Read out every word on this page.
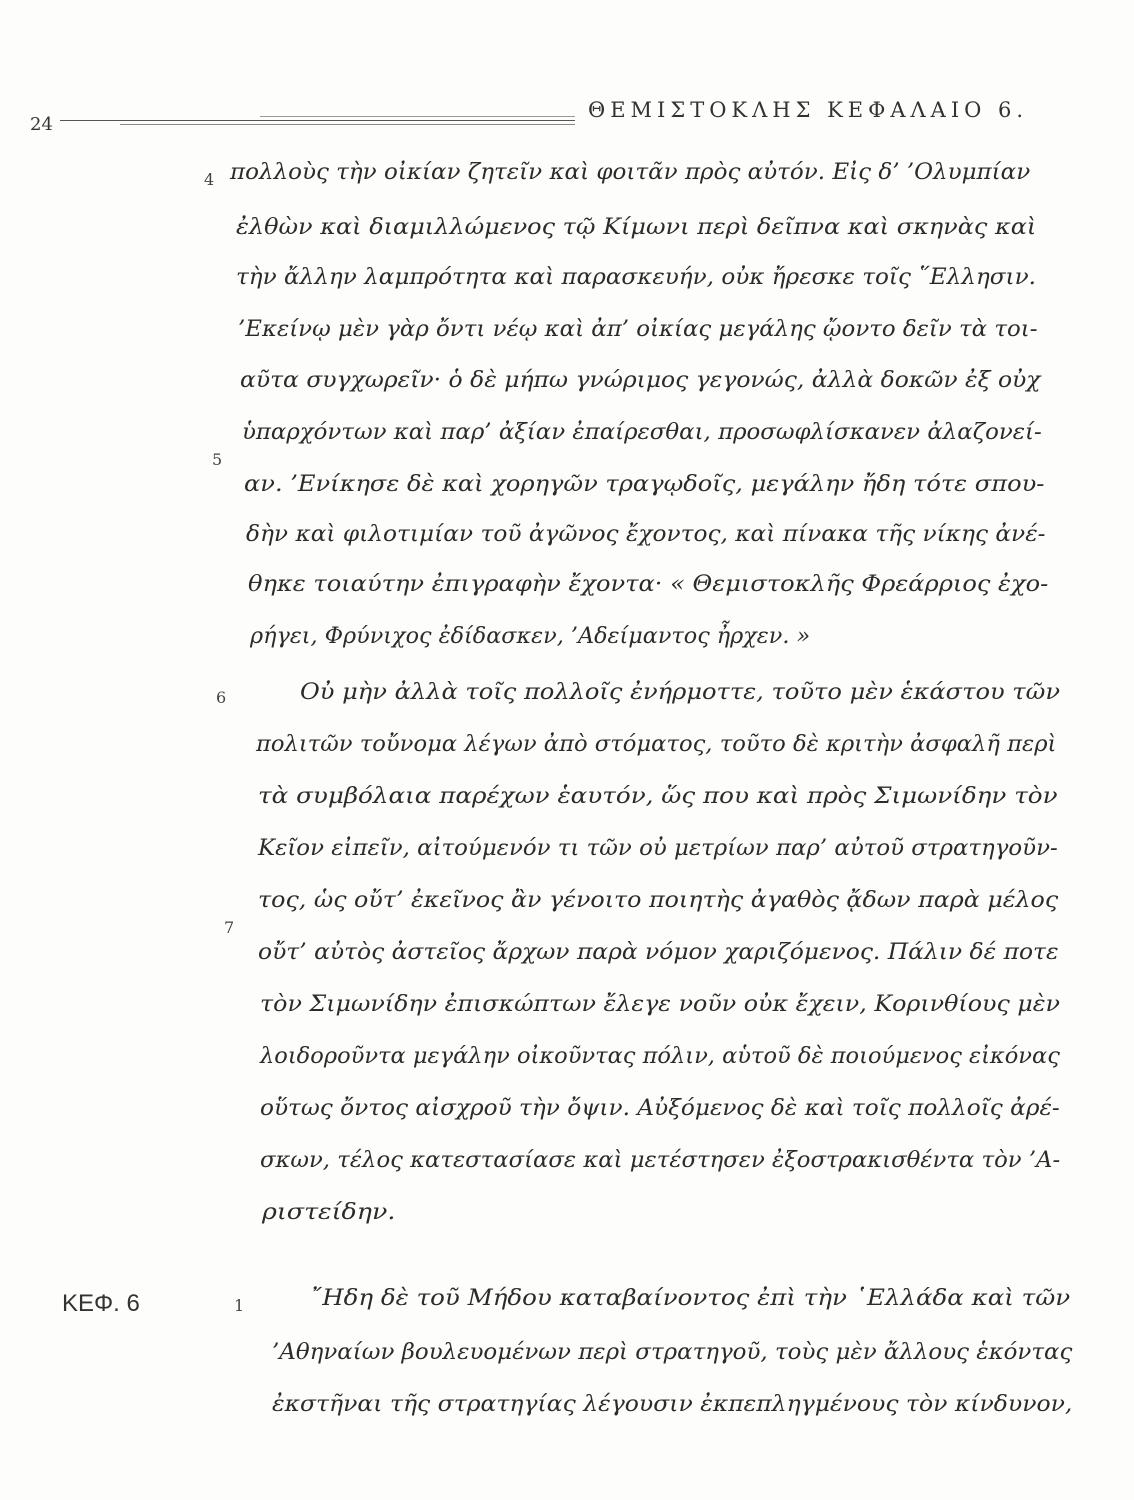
24
ΘΕΜΙΣΤΟΚΛΗΣ ΚΕΦΑΛΑΙΟ 6.
4
5
6
7
1
ΚΕΦ. 6
πολλοὺς τὴν οἰκίαν ζητεῖν καὶ φοιτᾶν πρὸς αὐτόν. Εἰς δ’ ’Ολυμπίαν
ἐλθὼν καὶ διαμιλλώμενος τῷ Κίμωνι περὶ δεῖπνα καὶ σκηνὰς καὶ
τὴν ἄλλην λαμπρότητα καὶ παρασκευήν, οὐκ ἤρεσκε τοῖς ῞Ελλησιν.
’Εκείνῳ μὲν γὰρ ὄντι νέῳ καὶ ἀπ’ οἰκίας μεγάλης ᾤοντο δεῖν τὰ τοι-
αῦτα συγχωρεῖν· ὁ δὲ μήπω γνώριμος γεγονώς, ἀλλὰ δοκῶν ἐξ οὐχ
ὑπαρχόντων καὶ παρ’ ἀξίαν ἐπαίρεσθαι, προσωφλίσκανεν ἀλαζονεί-
αν. ’Ενίκησε δὲ καὶ χορηγῶν τραγῳδοῖς, μεγάλην ἤδη τότε σπου-
δὴν καὶ φιλοτιμίαν τοῦ ἀγῶνος ἔχοντος, καὶ πίνακα τῆς νίκης ἀνέ-
θηκε τοιαύτην ἐπιγραφὴν ἔχοντα· « Θεμιστοκλῆς Φρεάρριος ἐχο-
ρήγει, Φρύνιχος ἐδίδασκεν, ’Αδείμαντος ἦρχεν. »
Οὐ μὴν ἀλλὰ τοῖς πολλοῖς ἐνήρμοττε, τοῦτο μὲν ἑκάστου τῶν
πολιτῶν τοὔνομα λέγων ἀπὸ στόματος, τοῦτο δὲ κριτὴν ἀσφαλῆ περὶ
τὰ συμβόλαια παρέχων ἑαυτόν, ὥς που καὶ πρὸς Σιμωνίδην τὸν
Κεῖον εἰπεῖν, αἰτούμενόν τι τῶν οὐ μετρίων παρ’ αὐτοῦ στρατηγοῦν-
τος, ὡς οὔτ’ ἐκεῖνος ἂν γένοιτο ποιητὴς ἀγαθὸς ᾄδων παρὰ μέλος
οὔτ’ αὐτὸς ἀστεῖος ἄρχων παρὰ νόμον χαριζόμενος. Πάλιν δέ ποτε
τὸν Σιμωνίδην ἐπισκώπτων ἔλεγε νοῦν οὐκ ἔχειν, Κορινθίους μὲν
λοιδοροῦντα μεγάλην οἰκοῦντας πόλιν, αὑτοῦ δὲ ποιούμενος εἰκόνας
οὕτως ὄντος αἰσχροῦ τὴν ὄψιν. Αὐξόμενος δὲ καὶ τοῖς πολλοῖς ἀρέ-
σκων, τέλος κατεστασίασε καὶ μετέστησεν ἐξοστρακισθέντα τὸν ’Α-
ριστείδην.
῎Ηδη δὲ τοῦ Μήδου καταβαίνοντος ἐπὶ τὴν ῾Ελλάδα καὶ τῶν
’Αθηναίων βουλευομένων περὶ στρατηγοῦ, τοὺς μὲν ἄλλους ἑκόντας
ἐκστῆναι τῆς στρατηγίας λέγουσιν ἐκπεπληγμένους τὸν κίνδυνον,
